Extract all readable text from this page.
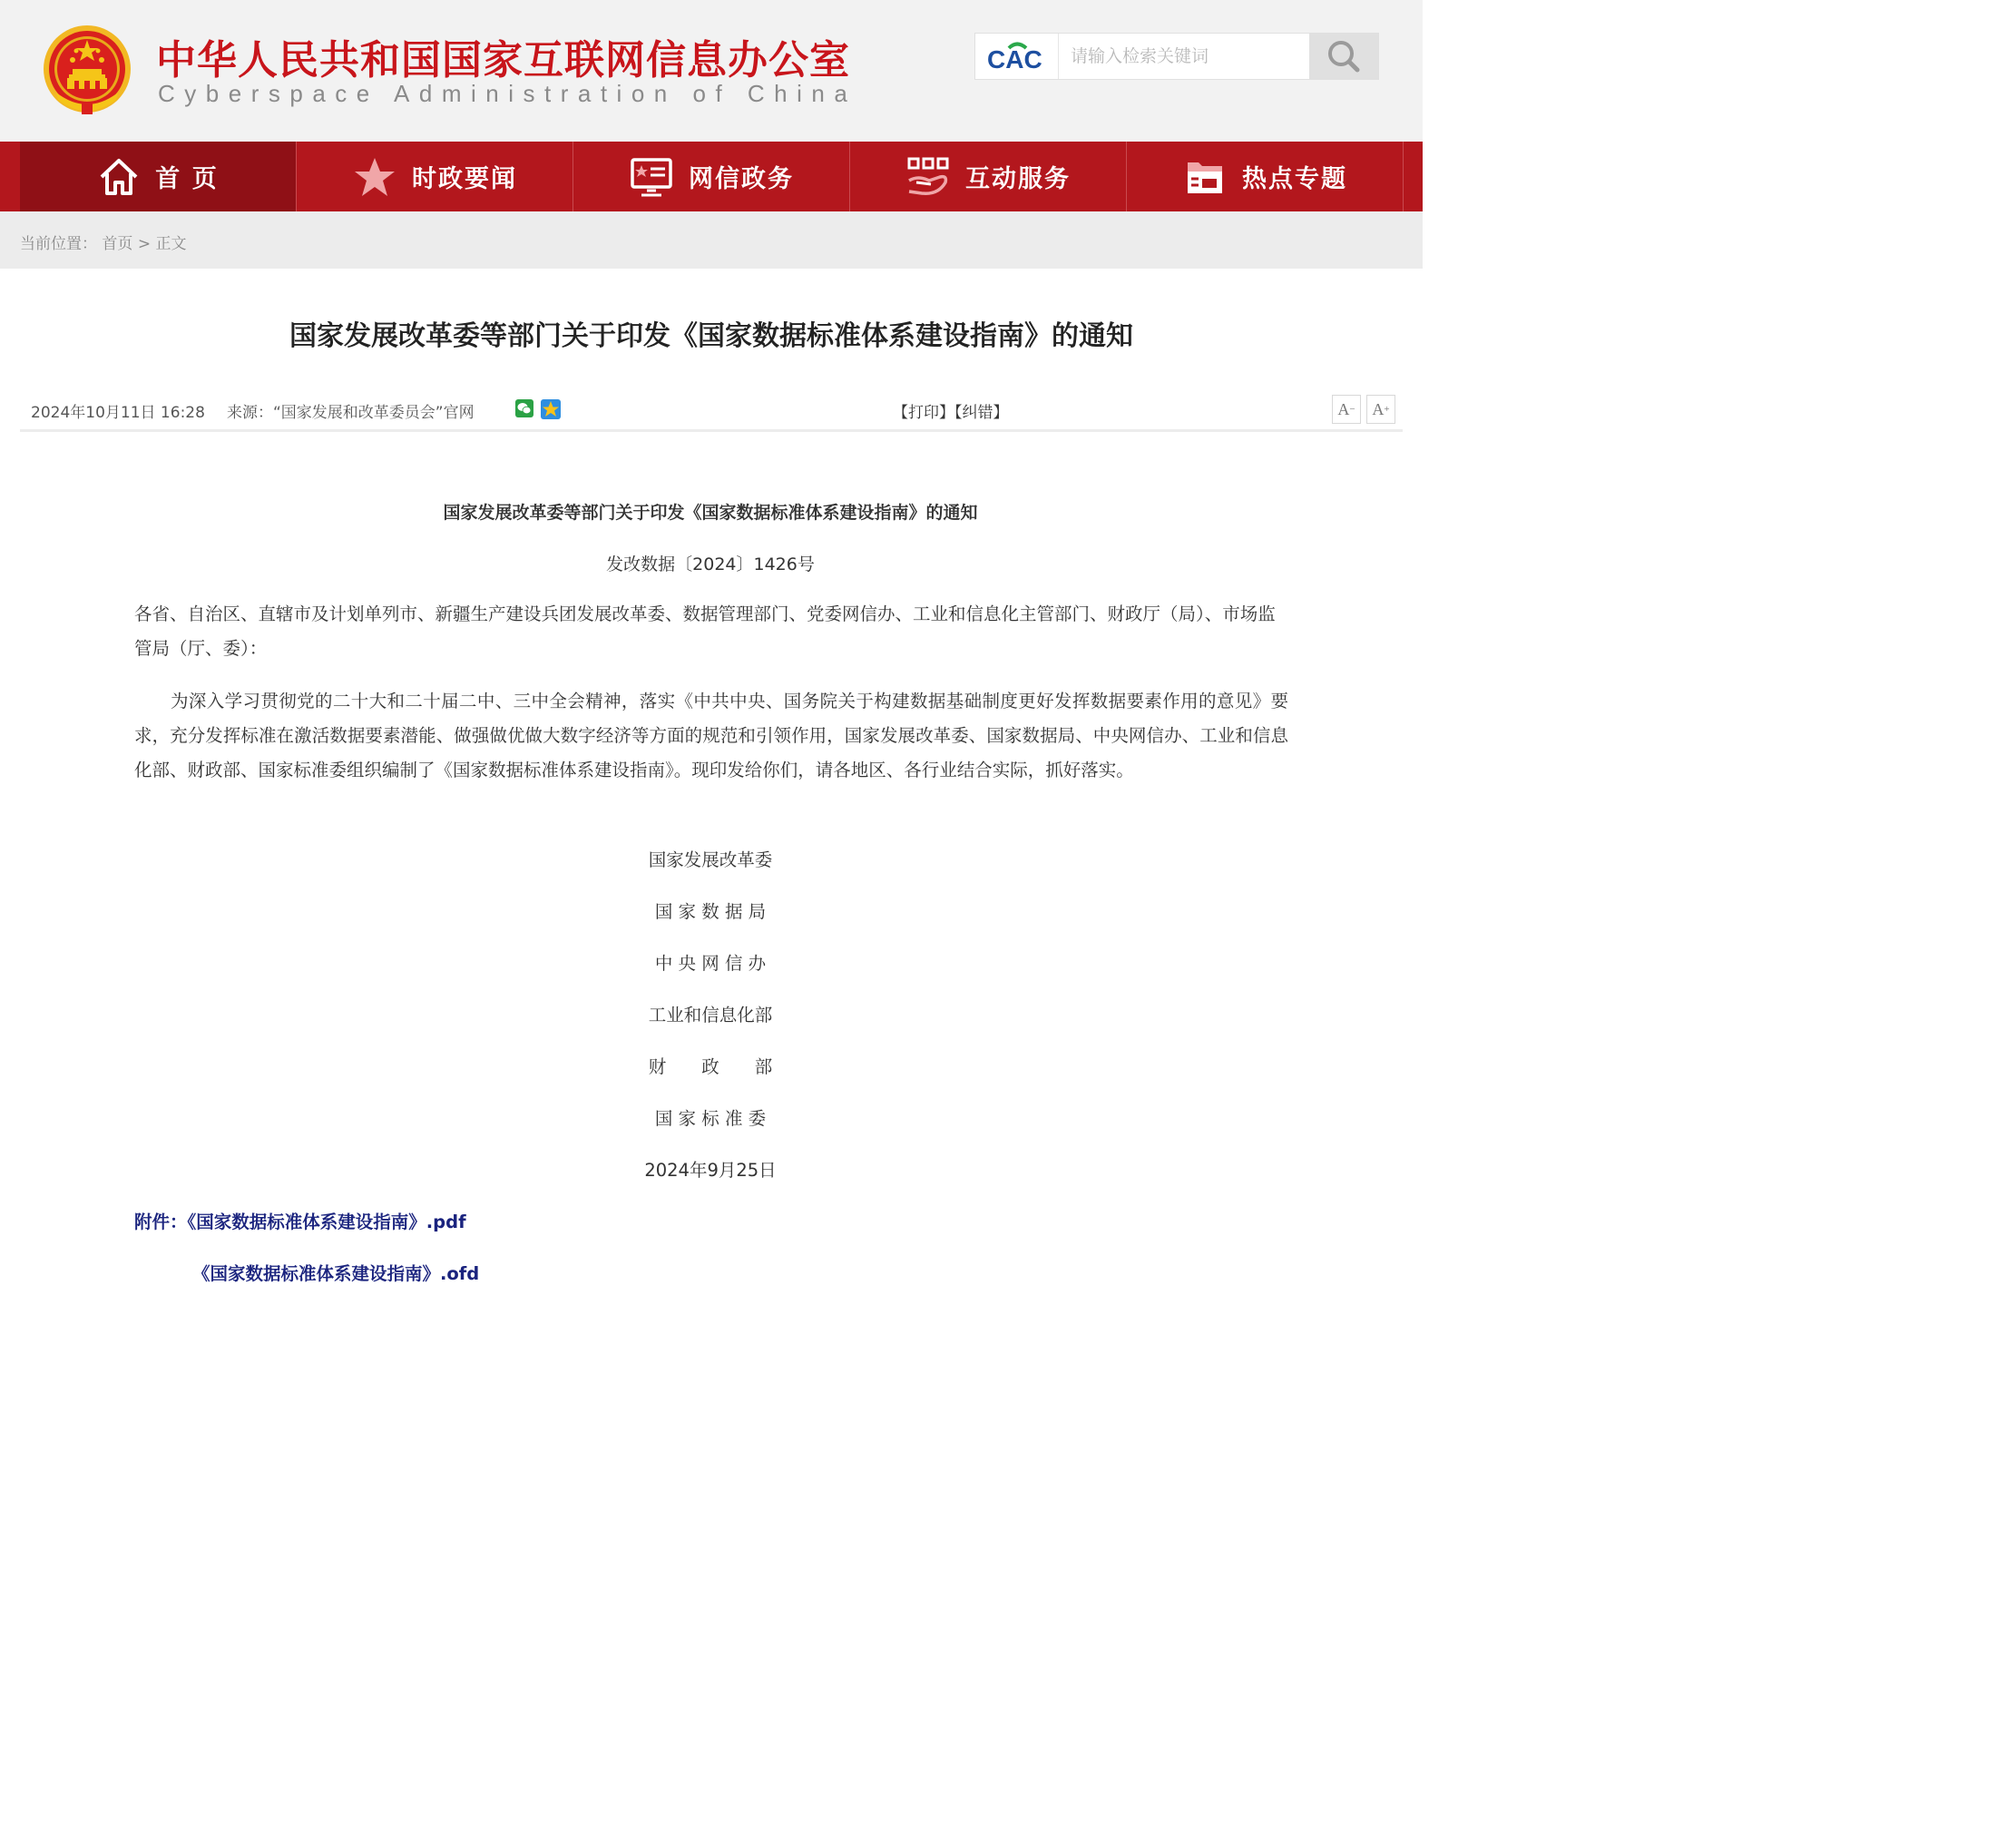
中华人民共和国国家互联网信息办公室
Cyberspace Administration of China
CAC
请输入检索关键词
首 页	时政要闻	网信政务	互动服务	热点专题
当前位置： 首页 > 正文
国家发展改革委等部门关于印发《国家数据标准体系建设指南》的通知
2024年10月11日 16:28 来源：“国家发展和改革委员会”官网	【打印】【纠错】	A − A +
国家发展改革委等部门关于印发《国家数据标准体系建设指南》的通知
发改数据〔2024〕1426号

各省、自治区、直辖市及计划单列市、新疆生产建设兵团发展改革委、数据管理部门、党委网信办、工业和信息化主管部门、财政厅（局）、市场监管局（厅、委）：

为深入学习贯彻党的二十大和二十届二中、三中全会精神，落实《中共中央、国务院关于构建数据基础制度更好发挥数据要素作用的意见》要求，充分发挥标准在激活数据要素潜能、做强做优做大数字经济等方面的规范和引领作用，国家发展改革委、国家数据局、中央网信办、工业和信息化部、财政部、国家标准委组织编制了《国家数据标准体系建设指南》。现印发给你们，请各地区、各行业结合实际，抓好落实。

国家发展改革委
国 家 数 据 局
中 央 网 信 办
工业和信息化部
财　　政　　部
国 家 标 准 委
2024年9月25日
附件：《国家数据标准体系建设指南》.pdf
《国家数据标准体系建设指南》.ofd
